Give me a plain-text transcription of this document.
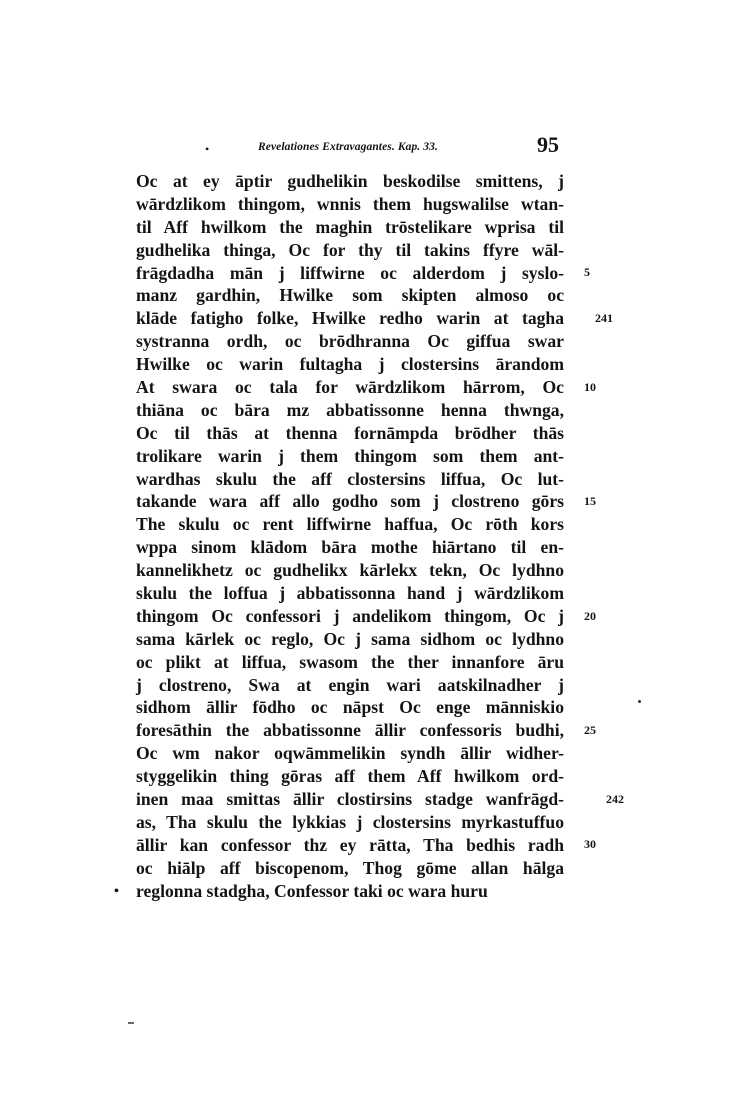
•	Revelationes Extravagantes. Kap. 33.	95
Oc at ey āptir gudhelikin beskodilse smittens, j
wārdzlikom thingom, wnnis them hugswalilse wtan-
til Aff hwilkom the maghin trōstelikare wprisa til
gudhelika thinga, Oc for thy til takins ffyre wāl-
frāgdadha mān j liffwirne oc alderdom j syslo-
manz gardhin, Hwilke som skipten almoso oc
klāde fatigho folke, Hwilke redho warin at tagha
systranna ordh, oc brōdhranna Oc giffua swar
Hwilke oc warin fultagha j clostersins ārandom
At swara oc tala for wārdzlikom hārrom, Oc
thiāna oc bāra mz abbatissonne henna thwnga,
Oc til thās at thenna fornāmpda brōdher thās
trolikare warin j them thingom som them ant-
wardhas skulu the aff clostersins liffua, Oc lut-
takande wara aff allo godho som j clostreno gōrs
The skulu oc rent liffwirne haffua, Oc rōth kors
wppa sinom klādom bāra mothe hiārtano til en-
kannelikhetz oc gudhelikx kārlekx tekn, Oc lydhno
skulu the loffua j abbatissonna hand j wārdzlikom
thingom Oc confessori j andelikom thingom, Oc j
sama kārlek oc reglo, Oc j sama sidhom oc lydhno
oc plikt at liffua, swasom the ther innanfore āru
j clostreno, Swa at engin wari aatskilnadher j
sidhom āllir fōdho oc nāpst Oc enge mānniskio
foresāthin the abbatissonne āllir confessoris budhi,
Oc wm nakor oqwāmmelikin syndh āllir widher-
styggelikin thing gōras aff them Aff hwilkom ord-
inen maa smittas āllir clostirsins stadge wanfrāgd-
as, Tha skulu the lykkias j clostersins myrkastuffuo
āllir kan confessor thz ey rātta, Tha bedhis radh
oc hiālp aff biscopenom, Thog gōme allan hālga
reglonna stadgha, Confessor taki oc wara huru
5
10
15
20
25
30
241
242
•
